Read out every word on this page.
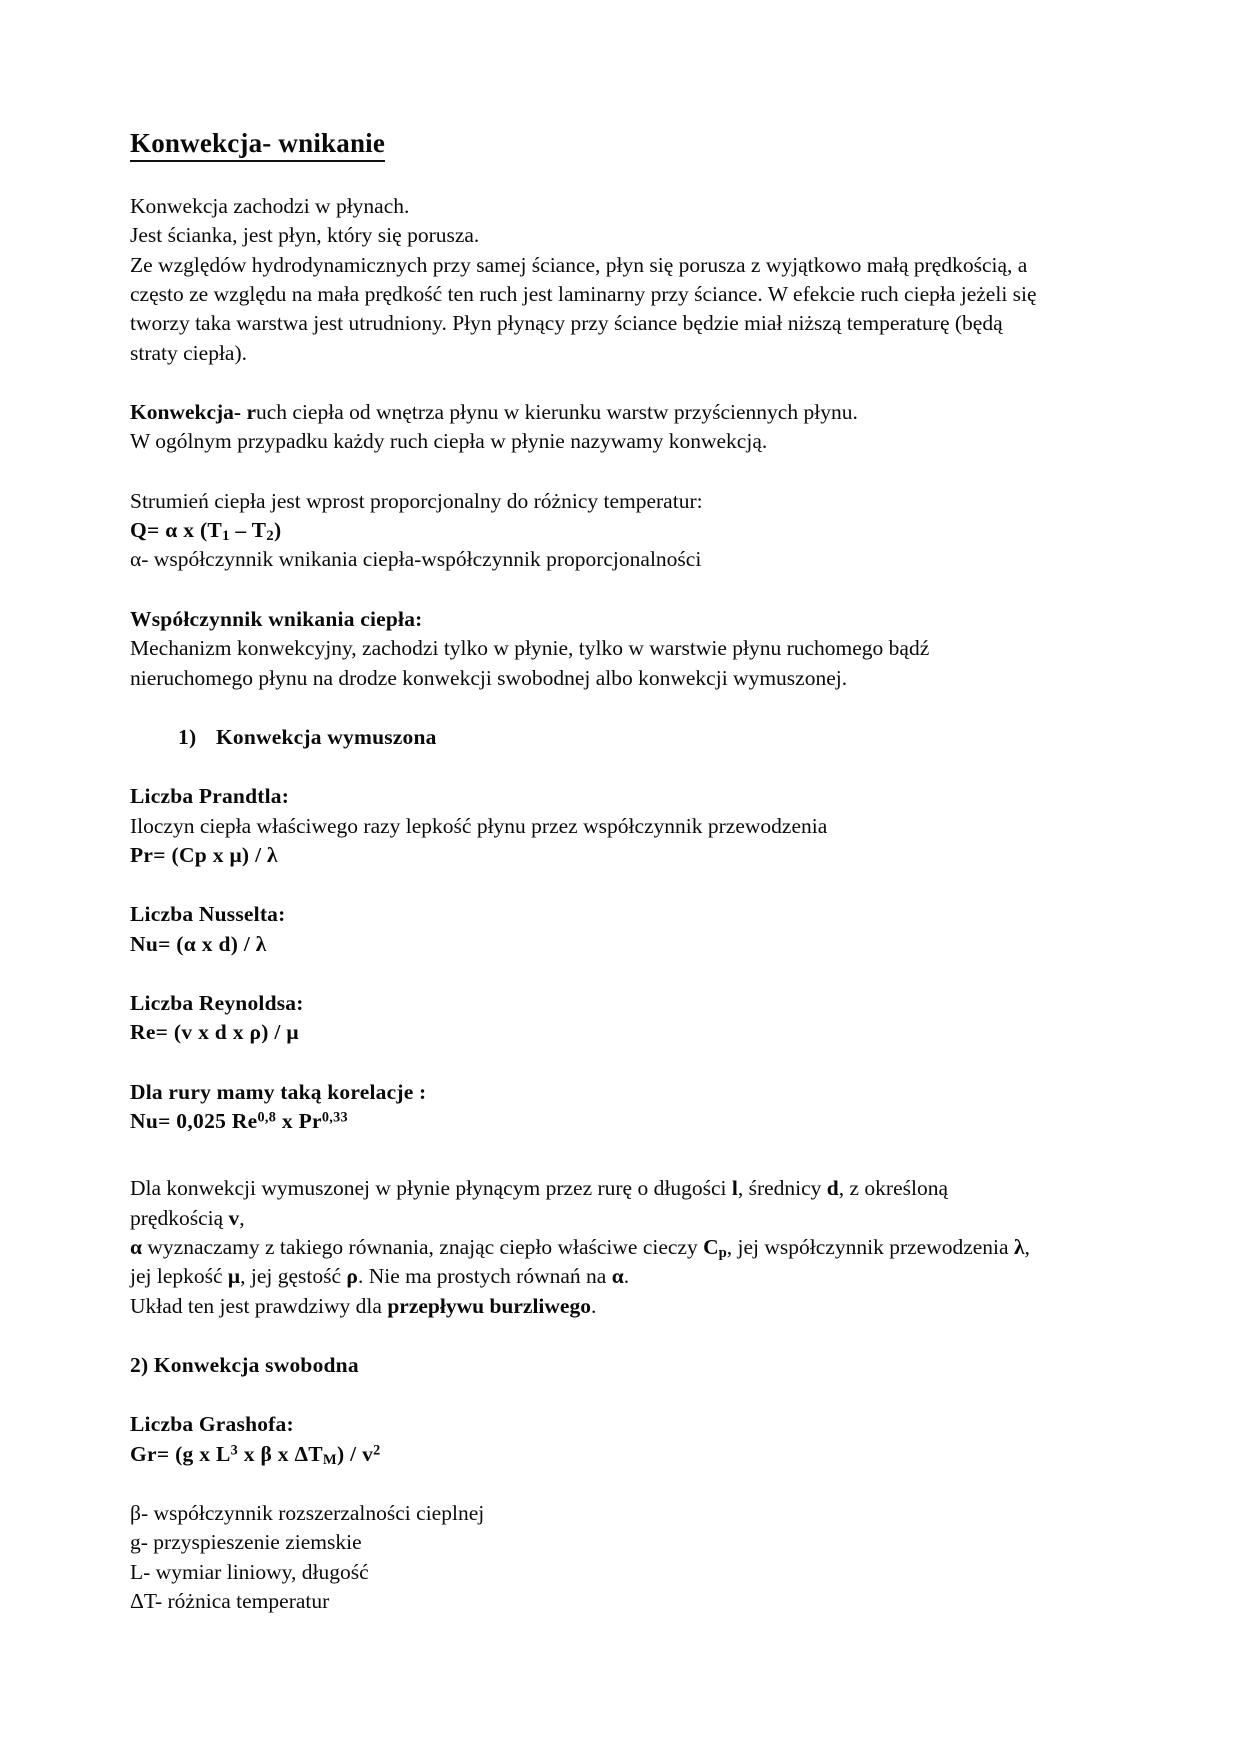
Konwekcja- wnikanie

Konwekcja zachodzi w płynach.

Jest ścianka, jest płyn, który się porusza.

Ze względów hydrodynamicznych przy samej ściance, płyn się porusza z wyjątkowo małą prędkością, a często ze względu na mała prędkość ten ruch jest laminarny przy ściance. W efekcie ruch ciepła jeżeli się tworzy taka warstwa jest utrudniony. Płyn płynący przy ściance będzie miał niższą temperaturę (będą straty ciepła).

Konwekcja- ruch ciepła od wnętrza płynu w kierunku warstw przyściennych płynu.

W ogólnym przypadku każdy ruch ciepła w płynie nazywamy konwekcją.

Strumień ciepła jest wprost proporcjonalny do różnicy temperatur:

Q= α x $(T_1 - T_2)$

α- współczynnik wnikania ciepła-współczynnik proporcjonalności

Współczynnik wnikania ciepła:

Mechanizm konwekcyjny, zachodzi tylko w płynie, tylko w warstwie płynu ruchomego bądź nieruchomego płynu na drodze konwekcji swobodnej albo konwekcji wymuszonej.

1) Konwekcja wymuszona

Liczba Prandtla:

Iloczyn ciepła właściwego razy lepkość płynu przez współczynnik przewodzenia

Pr= (Cp x μ) / λ

Liczba Nusselta:

Nu= (α x d) / λ

Liczba Reynoldsa:

Re= (v x d x ρ) / μ

Dla rury mamy taką korelacje :

Nu= 0,025 Re$^{0,8}$ x Pr$^{0,33}$

Dla konwekcji wymuszonej w płynie płynącym przez rurę o długości l, średnicy d, z określoną prędkością v,

α wyznaczamy z takiego równania, znając ciepło właściwe cieczy $C_p$, jej współczynnik przewodzenia λ, jej lepkość μ, jej gęstość ρ. Nie ma prostych równań na α.

Układ ten jest prawdziwy dla przepływu burzliwego.

2) Konwekcja swobodna

Liczba Grashofa:

Gr= (g x $L^3$ x β x $\Delta T_M) / v^2$

β- współczynnik rozszerzalności cieplnej

g- przyspieszenie ziemskie

L- wymiar liniowy, długość

ΔT- różnica temperatur
